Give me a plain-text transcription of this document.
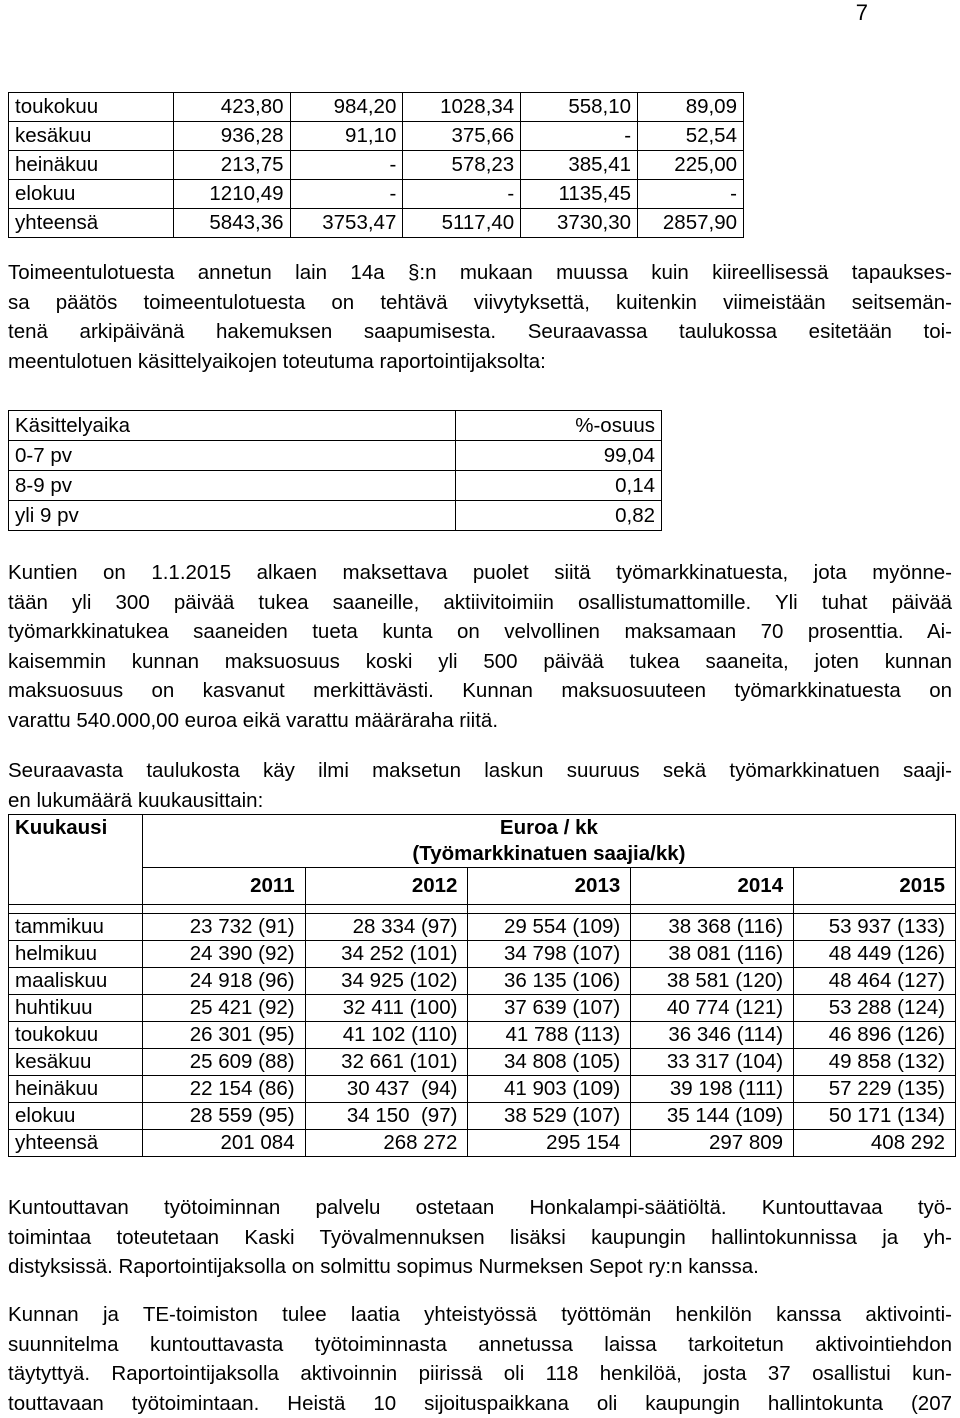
7
toukokuu	423,80	984,20	1028,34	558,10	89,09
kesäkuu	936,28	91,10	375,66	-	52,54
heinäkuu	213,75	-	578,23	385,41	225,00
elokuu	1210,49	-	-	1135,45	-
yhteensä	5843,36	3753,47	5117,40	3730,30	2857,90
Toimeentulotuesta annetun lain 14a §:n mukaan muussa kuin kiireellisessä tapaukses-
sa päätös toimeentulotuesta on tehtävä viivytyksettä, kuitenkin viimeistään seitsemän-
tenä arkipäivänä hakemuksen saapumisesta. Seuraavassa taulukossa esitetään toi-
meentulotuen käsittelyaikojen toteutuma raportointijaksolta:
Käsittelyaika	%-osuus
0-7 pv	99,04
8-9 pv	0,14
yli 9 pv	0,82
Kuntien on 1.1.2015 alkaen maksettava puolet siitä työmarkkinatuesta, jota myönne-
tään yli 300 päivää tukea saaneille, aktiivitoimiin osallistumattomille. Yli tuhat päivää
työmarkkinatukea saaneiden tueta kunta on velvollinen maksamaan 70 prosenttia. Ai-
kaisemmin kunnan maksuosuus koski yli 500 päivää tukea saaneita, joten kunnan
maksuosuus on kasvanut merkittävästi. Kunnan maksuosuuteen työmarkkinatuesta on
varattu 540.000,00 euroa eikä varattu määräraha riitä.
Seuraavasta taulukosta käy ilmi maksetun laskun suuruus sekä työmarkkinatuen saaji-
en lukumäärä kuukausittain:
Kuukausi	Euroa / kk				
	(Työmarkkinatuen saajia/kk)				
	2011	2012	2013	2014	2015

tammikuu	23 732 (91)	28 334 (97)	29 554 (109)	38 368 (116)	53 937 (133)
helmikuu	24 390 (92)	34 252 (101)	34 798 (107)	38 081 (116)	48 449 (126)
maaliskuu	24 918 (96)	34 925 (102)	36 135 (106)	38 581 (120)	48 464 (127)
huhtikuu	25 421 (92)	32 411 (100)	37 639 (107)	40 774 (121)	53 288 (124)
toukokuu	26 301 (95)	41 102 (110)	41 788 (113)	36 346 (114)	46 896 (126)
kesäkuu	25 609 (88)	32 661 (101)	34 808 (105)	33 317 (104)	49 858 (132)
heinäkuu	22 154 (86)	30 437  (94)	41 903 (109)	39 198 (111)	57 229 (135)
elokuu	28 559 (95)	34 150  (97)	38 529 (107)	35 144 (109)	50 171 (134)
yhteensä	201 084	268 272	295 154	297 809	408 292
Kuntouttavan työtoiminnan palvelu ostetaan Honkalampi-säätiöltä. Kuntouttavaa työ-
toimintaa toteutetaan Kaski Työvalmennuksen lisäksi kaupungin hallintokunnissa ja yh-
distyksissä. Raportointijaksolla on solmittu sopimus Nurmeksen Sepot ry:n kanssa.
Kunnan ja TE-toimiston tulee laatia yhteistyössä työttömän henkilön kanssa aktivointi-
suunnitelma kuntouttavasta työtoiminnasta annetussa laissa tarkoitetun aktivointiehdon
täytyttyä. Raportointijaksolla aktivoinnin piirissä oli 118 henkilöä, josta 37 osallistui kun-
touttavaan työtoimintaan. Heistä 10 sijoituspaikkana oli kaupungin hallintokunta (207
